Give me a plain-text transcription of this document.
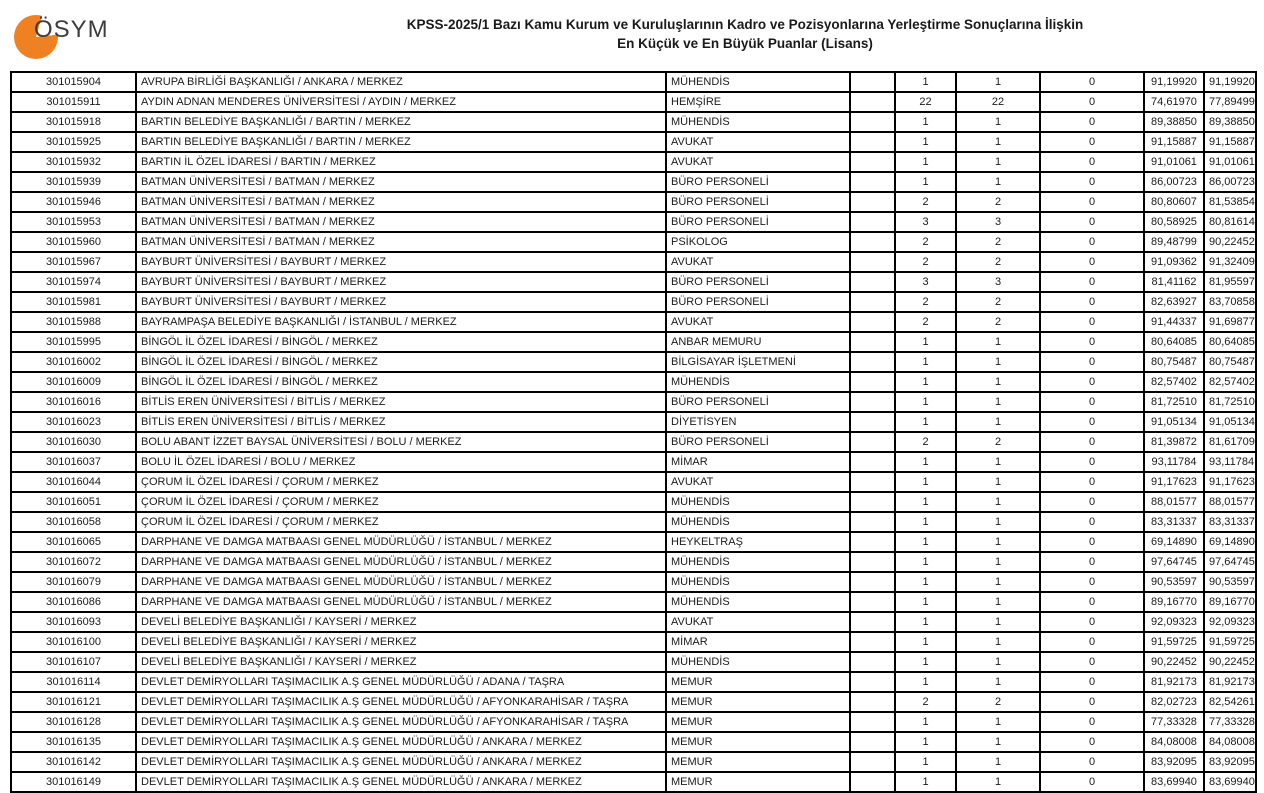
ÖSYM	KPSS-2025/1 Bazı Kamu Kurum ve Kuruluşlarının Kadro ve Pozisyonlarına Yerleştirme Sonuçlarına İlişkin
En Küçük ve En Büyük Puanlar (Lisans)
301015904	AVRUPA BİRLİĞİ BAŞKANLIĞI / ANKARA / MERKEZ	MÜHENDİS		1	1	0	91,19920	91,19920
301015911	AYDIN ADNAN MENDERES ÜNİVERSİTESİ / AYDIN / MERKEZ	HEMŞİRE		22	22	0	74,61970	77,89499
301015918	BARTIN BELEDİYE BAŞKANLIĞI / BARTIN / MERKEZ	MÜHENDİS		1	1	0	89,38850	89,38850
301015925	BARTIN BELEDİYE BAŞKANLIĞI / BARTIN / MERKEZ	AVUKAT		1	1	0	91,15887	91,15887
301015932	BARTIN İL ÖZEL İDARESİ / BARTIN / MERKEZ	AVUKAT		1	1	0	91,01061	91,01061
301015939	BATMAN ÜNİVERSİTESİ / BATMAN / MERKEZ	BÜRO PERSONELİ		1	1	0	86,00723	86,00723
301015946	BATMAN ÜNİVERSİTESİ / BATMAN / MERKEZ	BÜRO PERSONELİ		2	2	0	80,80607	81,53854
301015953	BATMAN ÜNİVERSİTESİ / BATMAN / MERKEZ	BÜRO PERSONELİ		3	3	0	80,58925	80,81614
301015960	BATMAN ÜNİVERSİTESİ / BATMAN / MERKEZ	PSİKOLOG		2	2	0	89,48799	90,22452
301015967	BAYBURT ÜNİVERSİTESİ / BAYBURT / MERKEZ	AVUKAT		2	2	0	91,09362	91,32409
301015974	BAYBURT ÜNİVERSİTESİ / BAYBURT / MERKEZ	BÜRO PERSONELİ		3	3	0	81,41162	81,95597
301015981	BAYBURT ÜNİVERSİTESİ / BAYBURT / MERKEZ	BÜRO PERSONELİ		2	2	0	82,63927	83,70858
301015988	BAYRAMPAŞA BELEDİYE BAŞKANLIĞI / İSTANBUL / MERKEZ	AVUKAT		2	2	0	91,44337	91,69877
301015995	BİNGÖL İL ÖZEL İDARESİ / BİNGÖL / MERKEZ	ANBAR MEMURU		1	1	0	80,64085	80,64085
301016002	BİNGÖL İL ÖZEL İDARESİ / BİNGÖL / MERKEZ	BİLGİSAYAR İŞLETMENİ		1	1	0	80,75487	80,75487
301016009	BİNGÖL İL ÖZEL İDARESİ / BİNGÖL / MERKEZ	MÜHENDİS		1	1	0	82,57402	82,57402
301016016	BİTLİS EREN ÜNİVERSİTESİ / BİTLİS / MERKEZ	BÜRO PERSONELİ		1	1	0	81,72510	81,72510
301016023	BİTLİS EREN ÜNİVERSİTESİ / BİTLİS / MERKEZ	DİYETİSYEN		1	1	0	91,05134	91,05134
301016030	BOLU ABANT İZZET BAYSAL ÜNİVERSİTESİ / BOLU / MERKEZ	BÜRO PERSONELİ		2	2	0	81,39872	81,61709
301016037	BOLU İL ÖZEL İDARESİ / BOLU / MERKEZ	MİMAR		1	1	0	93,11784	93,11784
301016044	ÇORUM İL ÖZEL İDARESİ / ÇORUM / MERKEZ	AVUKAT		1	1	0	91,17623	91,17623
301016051	ÇORUM İL ÖZEL İDARESİ / ÇORUM / MERKEZ	MÜHENDİS		1	1	0	88,01577	88,01577
301016058	ÇORUM İL ÖZEL İDARESİ / ÇORUM / MERKEZ	MÜHENDİS		1	1	0	83,31337	83,31337
301016065	DARPHANE VE DAMGA MATBAASI GENEL MÜDÜRLÜĞÜ / İSTANBUL / MERKEZ	HEYKELTRAŞ		1	1	0	69,14890	69,14890
301016072	DARPHANE VE DAMGA MATBAASI GENEL MÜDÜRLÜĞÜ / İSTANBUL / MERKEZ	MÜHENDİS		1	1	0	97,64745	97,64745
301016079	DARPHANE VE DAMGA MATBAASI GENEL MÜDÜRLÜĞÜ / İSTANBUL / MERKEZ	MÜHENDİS		1	1	0	90,53597	90,53597
301016086	DARPHANE VE DAMGA MATBAASI GENEL MÜDÜRLÜĞÜ / İSTANBUL / MERKEZ	MÜHENDİS		1	1	0	89,16770	89,16770
301016093	DEVELİ BELEDİYE BAŞKANLIĞI / KAYSERİ / MERKEZ	AVUKAT		1	1	0	92,09323	92,09323
301016100	DEVELİ BELEDİYE BAŞKANLIĞI / KAYSERİ / MERKEZ	MİMAR		1	1	0	91,59725	91,59725
301016107	DEVELİ BELEDİYE BAŞKANLIĞI / KAYSERİ / MERKEZ	MÜHENDİS		1	1	0	90,22452	90,22452
301016114	DEVLET DEMİRYOLLARI TAŞIMACILIK A.Ş GENEL MÜDÜRLÜĞÜ / ADANA / TAŞRA	MEMUR		1	1	0	81,92173	81,92173
301016121	DEVLET DEMİRYOLLARI TAŞIMACILIK A.Ş GENEL MÜDÜRLÜĞÜ / AFYONKARAHİSAR / TAŞRA	MEMUR		2	2	0	82,02723	82,54261
301016128	DEVLET DEMİRYOLLARI TAŞIMACILIK A.Ş GENEL MÜDÜRLÜĞÜ / AFYONKARAHİSAR / TAŞRA	MEMUR		1	1	0	77,33328	77,33328
301016135	DEVLET DEMİRYOLLARI TAŞIMACILIK A.Ş GENEL MÜDÜRLÜĞÜ / ANKARA / MERKEZ	MEMUR		1	1	0	84,08008	84,08008
301016142	DEVLET DEMİRYOLLARI TAŞIMACILIK A.Ş GENEL MÜDÜRLÜĞÜ / ANKARA / MERKEZ	MEMUR		1	1	0	83,92095	83,92095
301016149	DEVLET DEMİRYOLLARI TAŞIMACILIK A.Ş GENEL MÜDÜRLÜĞÜ / ANKARA / MERKEZ	MEMUR		1	1	0	83,69940	83,69940
